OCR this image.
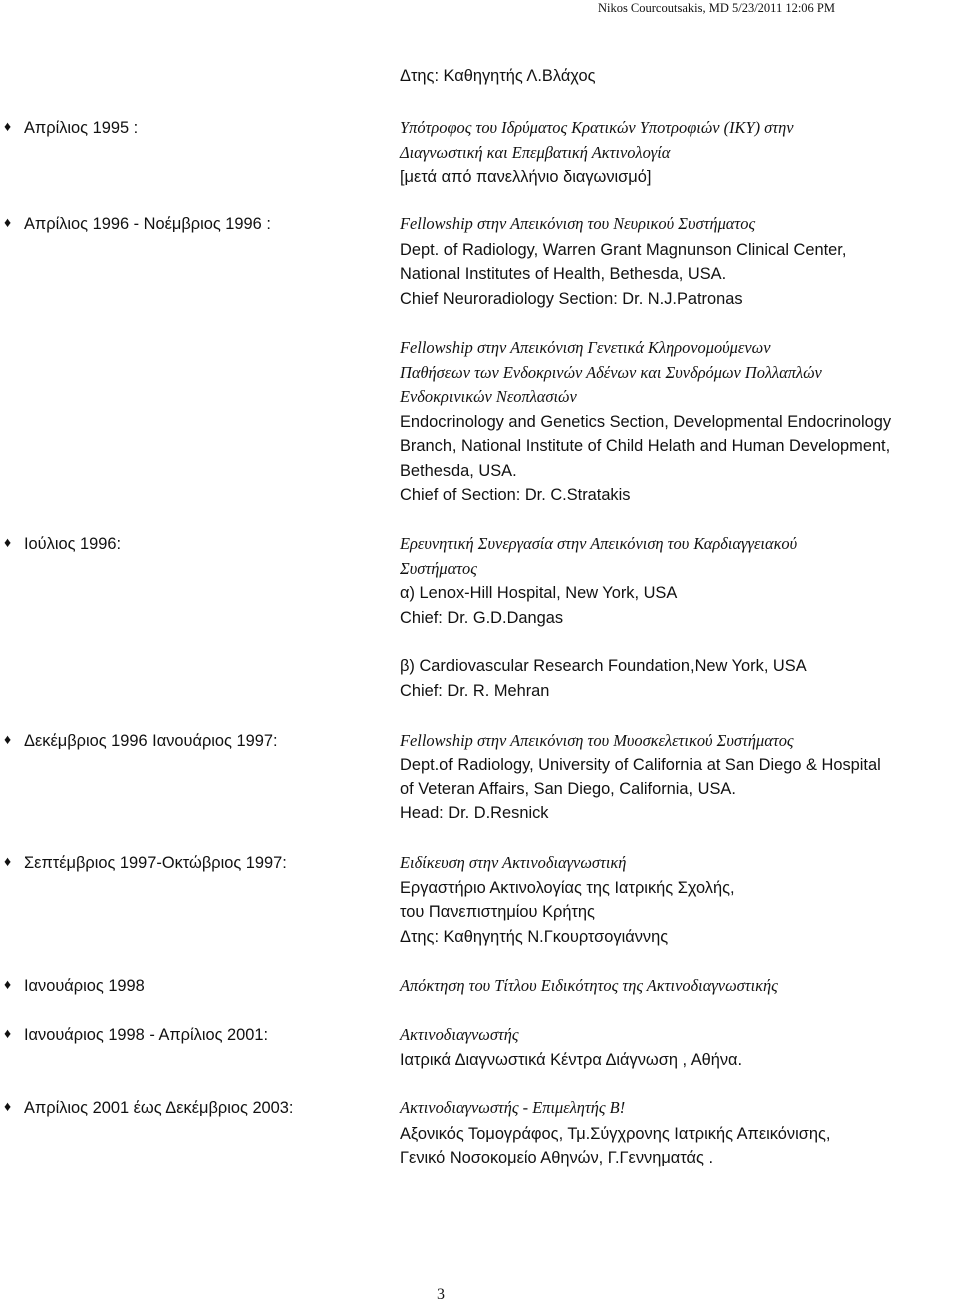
Nikos Courcoutsakis, MD 5/23/2011 12:06 PM
Δτης: Καθηγητής Λ.Βλάχος
♦ Απρίλιος 1995 :	Υπότροφος του Ιδρύματος Κρατικών Υποτροφιών (ΙΚΥ) στην
Διαγνωστική και Επεμβατική Ακτινολογία
[μετά από πανελλήνιο διαγωνισμό]
♦ Απρίλιος 1996 - Νοέμβριος 1996 :	Fellowship στην Απεικόνιση του Νευρικού Συστήματος
Dept. of Radiology, Warren Grant Magnunson Clinical Center,
National Institutes of Health, Bethesda, USA.
Chief Neuroradiology Section: Dr. N.J.Patronas
Fellowship στην Απεικόνιση Γενετικά Κληρονομούμενων
Παθήσεων των Ενδοκρινών Αδένων και Συνδρόμων Πολλαπλών
Ενδοκρινικών Νεοπλασιών
Endocrinology and Genetics Section, Developmental Endocrinology
Branch, National Institute of Child Helath and Human Development,
Bethesda, USA.
Chief of Section: Dr. C.Stratakis
♦ Ιούλιος 1996:	Ερευνητική Συνεργασία στην Απεικόνιση του Καρδιαγγειακού
Συστήματος
α) Lenox-Hill Hospital, New York, USA
Chief: Dr. G.D.Dangas
β) Cardiovascular Research Foundation,New York, USA
Chief: Dr. R. Mehran
♦ Δεκέμβριος 1996 Ιανουάριος 1997:	Fellowship στην Απεικόνιση του Μυοσκελετικού Συστήματος
Dept.of Radiology, University of California at San Diego & Hospital
of Veteran Affairs, San Diego, California, USA.
Head: Dr. D.Resnick
♦ Σεπτέμβριος 1997-Οκτώβριος 1997:	Ειδίκευση στην Ακτινοδιαγνωστική
Εργαστήριο Ακτινολογίας της Ιατρικής Σχολής,
του Πανεπιστημίου Κρήτης
Δτης: Καθηγητής Ν.Γκουρτσογιάννης
♦ Ιανουάριος 1998	Απόκτηση του Τίτλου Ειδικότητος της Ακτινοδιαγνωστικής
♦ Ιανουάριος 1998 - Απρίλιος 2001:	Ακτινοδιαγνωστής
Ιατρικά Διαγνωστικά Κέντρα Διάγνωση , Αθήνα.
♦ Απρίλιος 2001 έως Δεκέμβριος 2003:	Ακτινοδιαγνωστής - Επιμελητής Β!
Αξονικός Τομογράφος, Τμ.Σύγχρονης Ιατρικής Απεικόνισης,
Γενικό Νοσοκομείο Αθηνών, Γ.Γεννηματάς .
3
